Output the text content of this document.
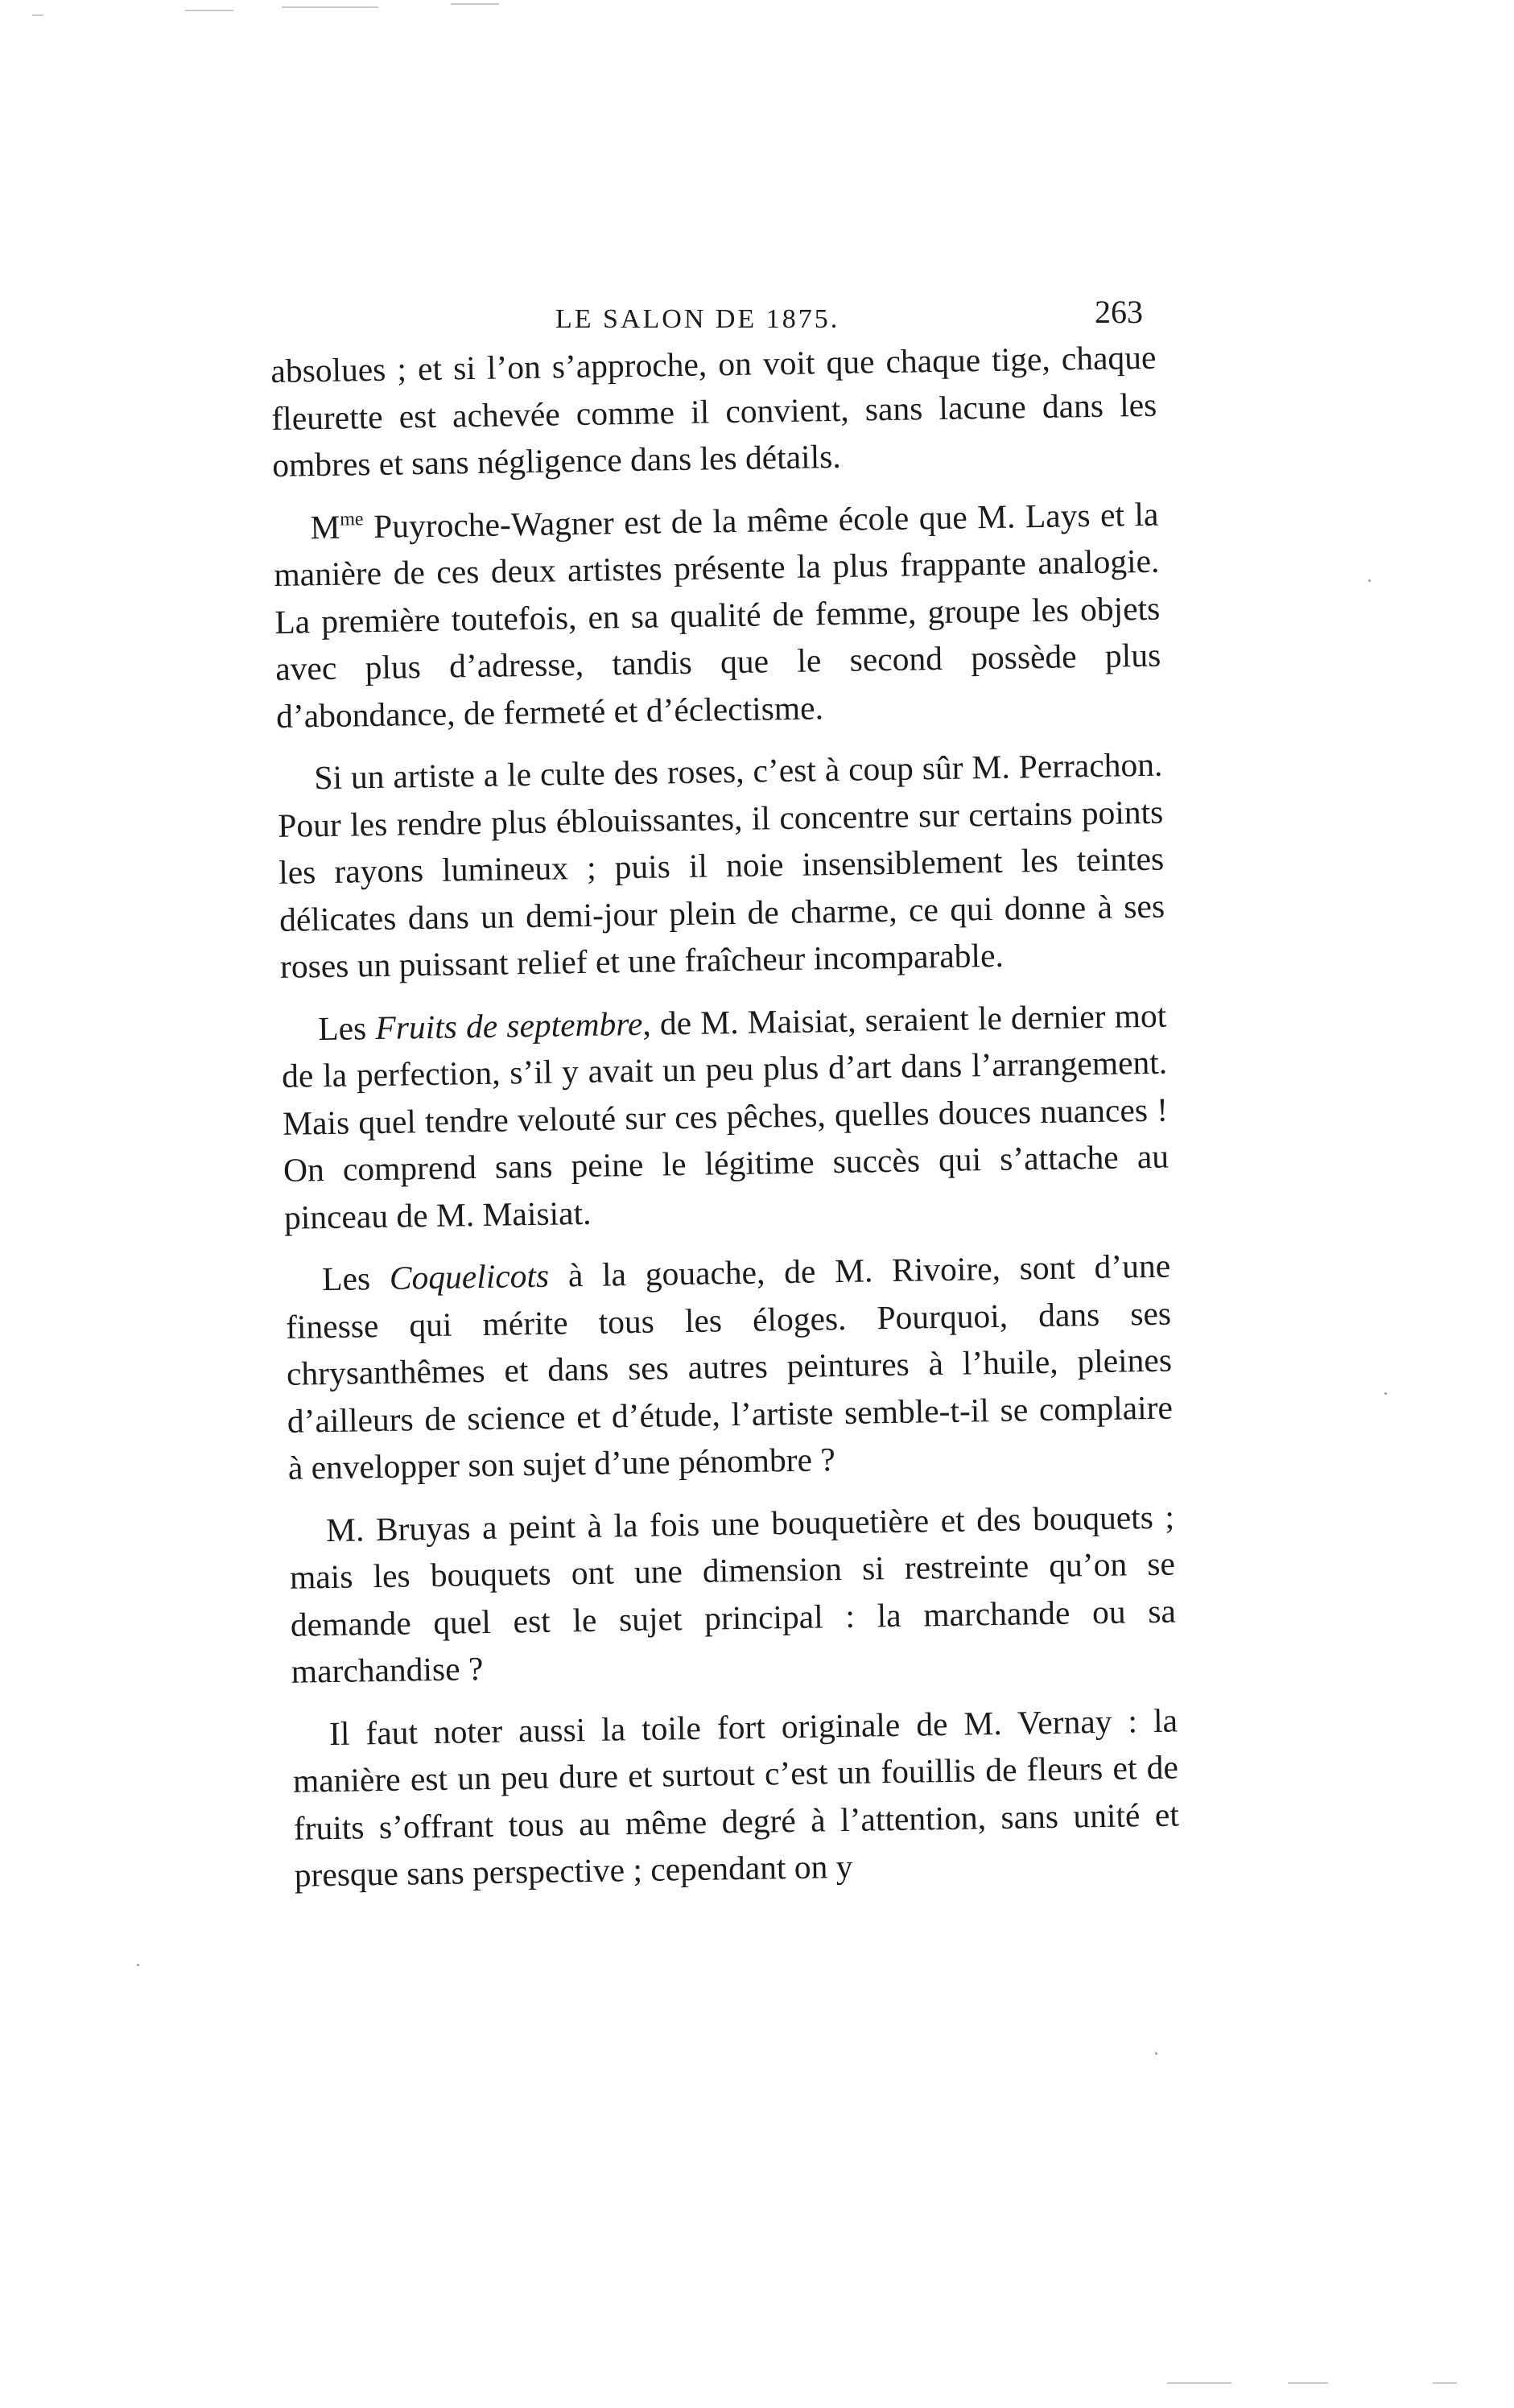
LE SALON DE 1875.	263

absolues ; et si l’on s’approche, on voit que chaque tige, chaque fleurette est achevée comme il convient, sans lacune dans les ombres et sans négligence dans les détails.

$M^{me}$ Puyroche-Wagner est de la même école que M. Lays et la manière de ces deux artistes présente la plus frappante analogie. La première toutefois, en sa qualité de femme, groupe les objets avec plus d’adresse, tandis que le second possède plus d’abondance, de fermeté et d’éclectisme.

Si un artiste a le culte des roses, c’est à coup sûr M. Perrachon. Pour les rendre plus éblouissantes, il concentre sur certains points les rayons lumineux ; puis il noie insensiblement les teintes délicates dans un demi-jour plein de charme, ce qui donne à ses roses un puissant relief et une fraîcheur incomparable.

Les Fruits de septembre, de M. Maisiat, seraient le dernier mot de la perfection, s’il y avait un peu plus d’art dans l’arrangement. Mais quel tendre velouté sur ces pêches, quelles douces nuances ! On comprend sans peine le légitime succès qui s’attache au pinceau de M. Maisiat.

Les Coquelicots à la gouache, de M. Rivoire, sont d’une finesse qui mérite tous les éloges. Pourquoi, dans ses chrysanthêmes et dans ses autres peintures à l’huile, pleines d’ailleurs de science et d’étude, l’artiste semble-t-il se complaire à envelopper son sujet d’une pénombre ?

M. Bruyas a peint à la fois une bouquetière et des bouquets ; mais les bouquets ont une dimension si restreinte qu’on se demande quel est le sujet principal : la marchande ou sa marchandise ?

Il faut noter aussi la toile fort originale de M. Vernay : la manière est un peu dure et surtout c’est un fouillis de fleurs et de fruits s’offrant tous au même degré à l’attention, sans unité et presque sans perspective ; cependant on y
